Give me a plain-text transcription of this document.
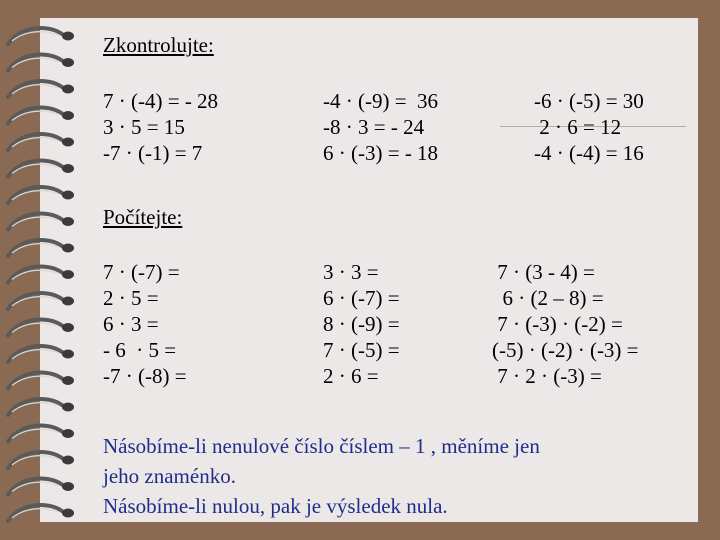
Zkontrolujte:
7 · (-4) = - 28
3 · 5 = 15
-7 · (-1) = 7
-4 · (-9) =  36
-8 · 3 = - 24
6 · (-3) = - 18
-6 · (-5) = 30
2 · 6 = 12
-4 · (-4) = 16
Počítejte:
7 · (-7) =
2 · 5 =
6 · 3 =
- 6  · 5 =
-7 · (-8) =
3 · 3 =
6 · (-7) =
8 · (-9) =
7 · (-5) =
2 · 6 =
7 · (3 - 4) =
6 · (2 – 8) =
7 · (-3) · (-2) =
(-5) · (-2) · (-3) =
7 · 2 · (-3) =
Násobíme-li nenulové číslo číslem – 1 , měníme jen
jeho znaménko.
Násobíme-li nulou, pak je výsledek nula.
